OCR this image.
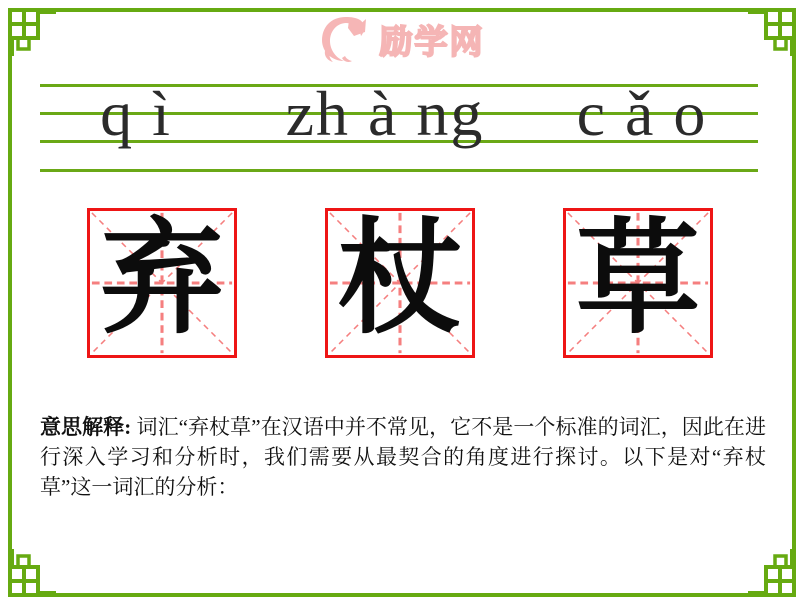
励学网
q ì zh à ng c ǎ o
弃 杖 草

意思解释: 词汇“弃杖草”在汉语中并不常见，它不是一个标准的词汇，因此在进行深入学习和分析时，我们需要从最契合的角度进行探讨。以下是对“弃杖草”这一词汇的分析：
